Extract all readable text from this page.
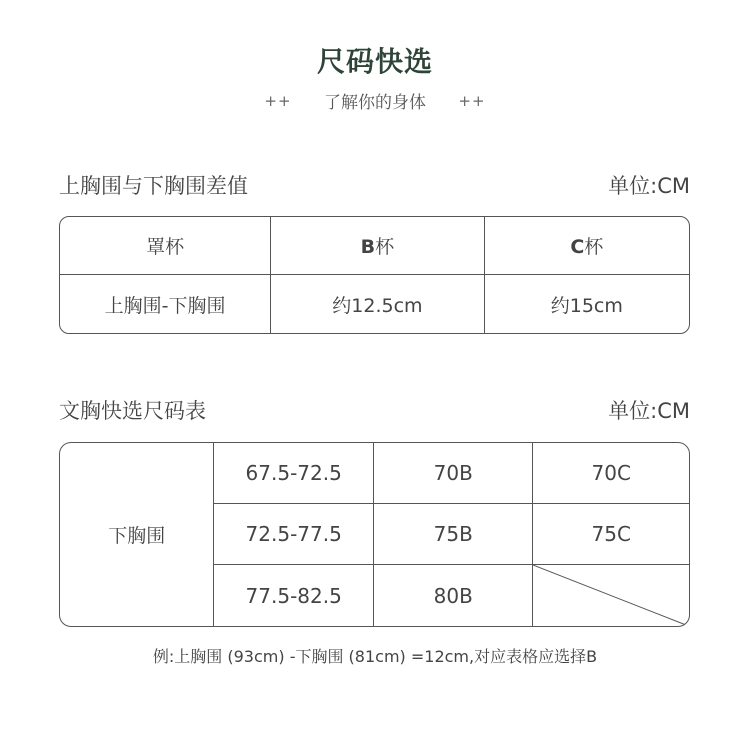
尺码快选
++ 了解你的身体 ++
上胸围与下胸围差值	单位:CM
罩杯	B杯	C杯
上胸围-下胸围	约12.5cm	约15cm
文胸快选尺码表	单位:CM
下胸围	67.5-72.5	70B	70C
	72.5-77.5	75B	75C
	77.5-82.5	80B	
例:上胸围 (93cm) -下胸围 (81cm) =12cm,对应表格应选择B
